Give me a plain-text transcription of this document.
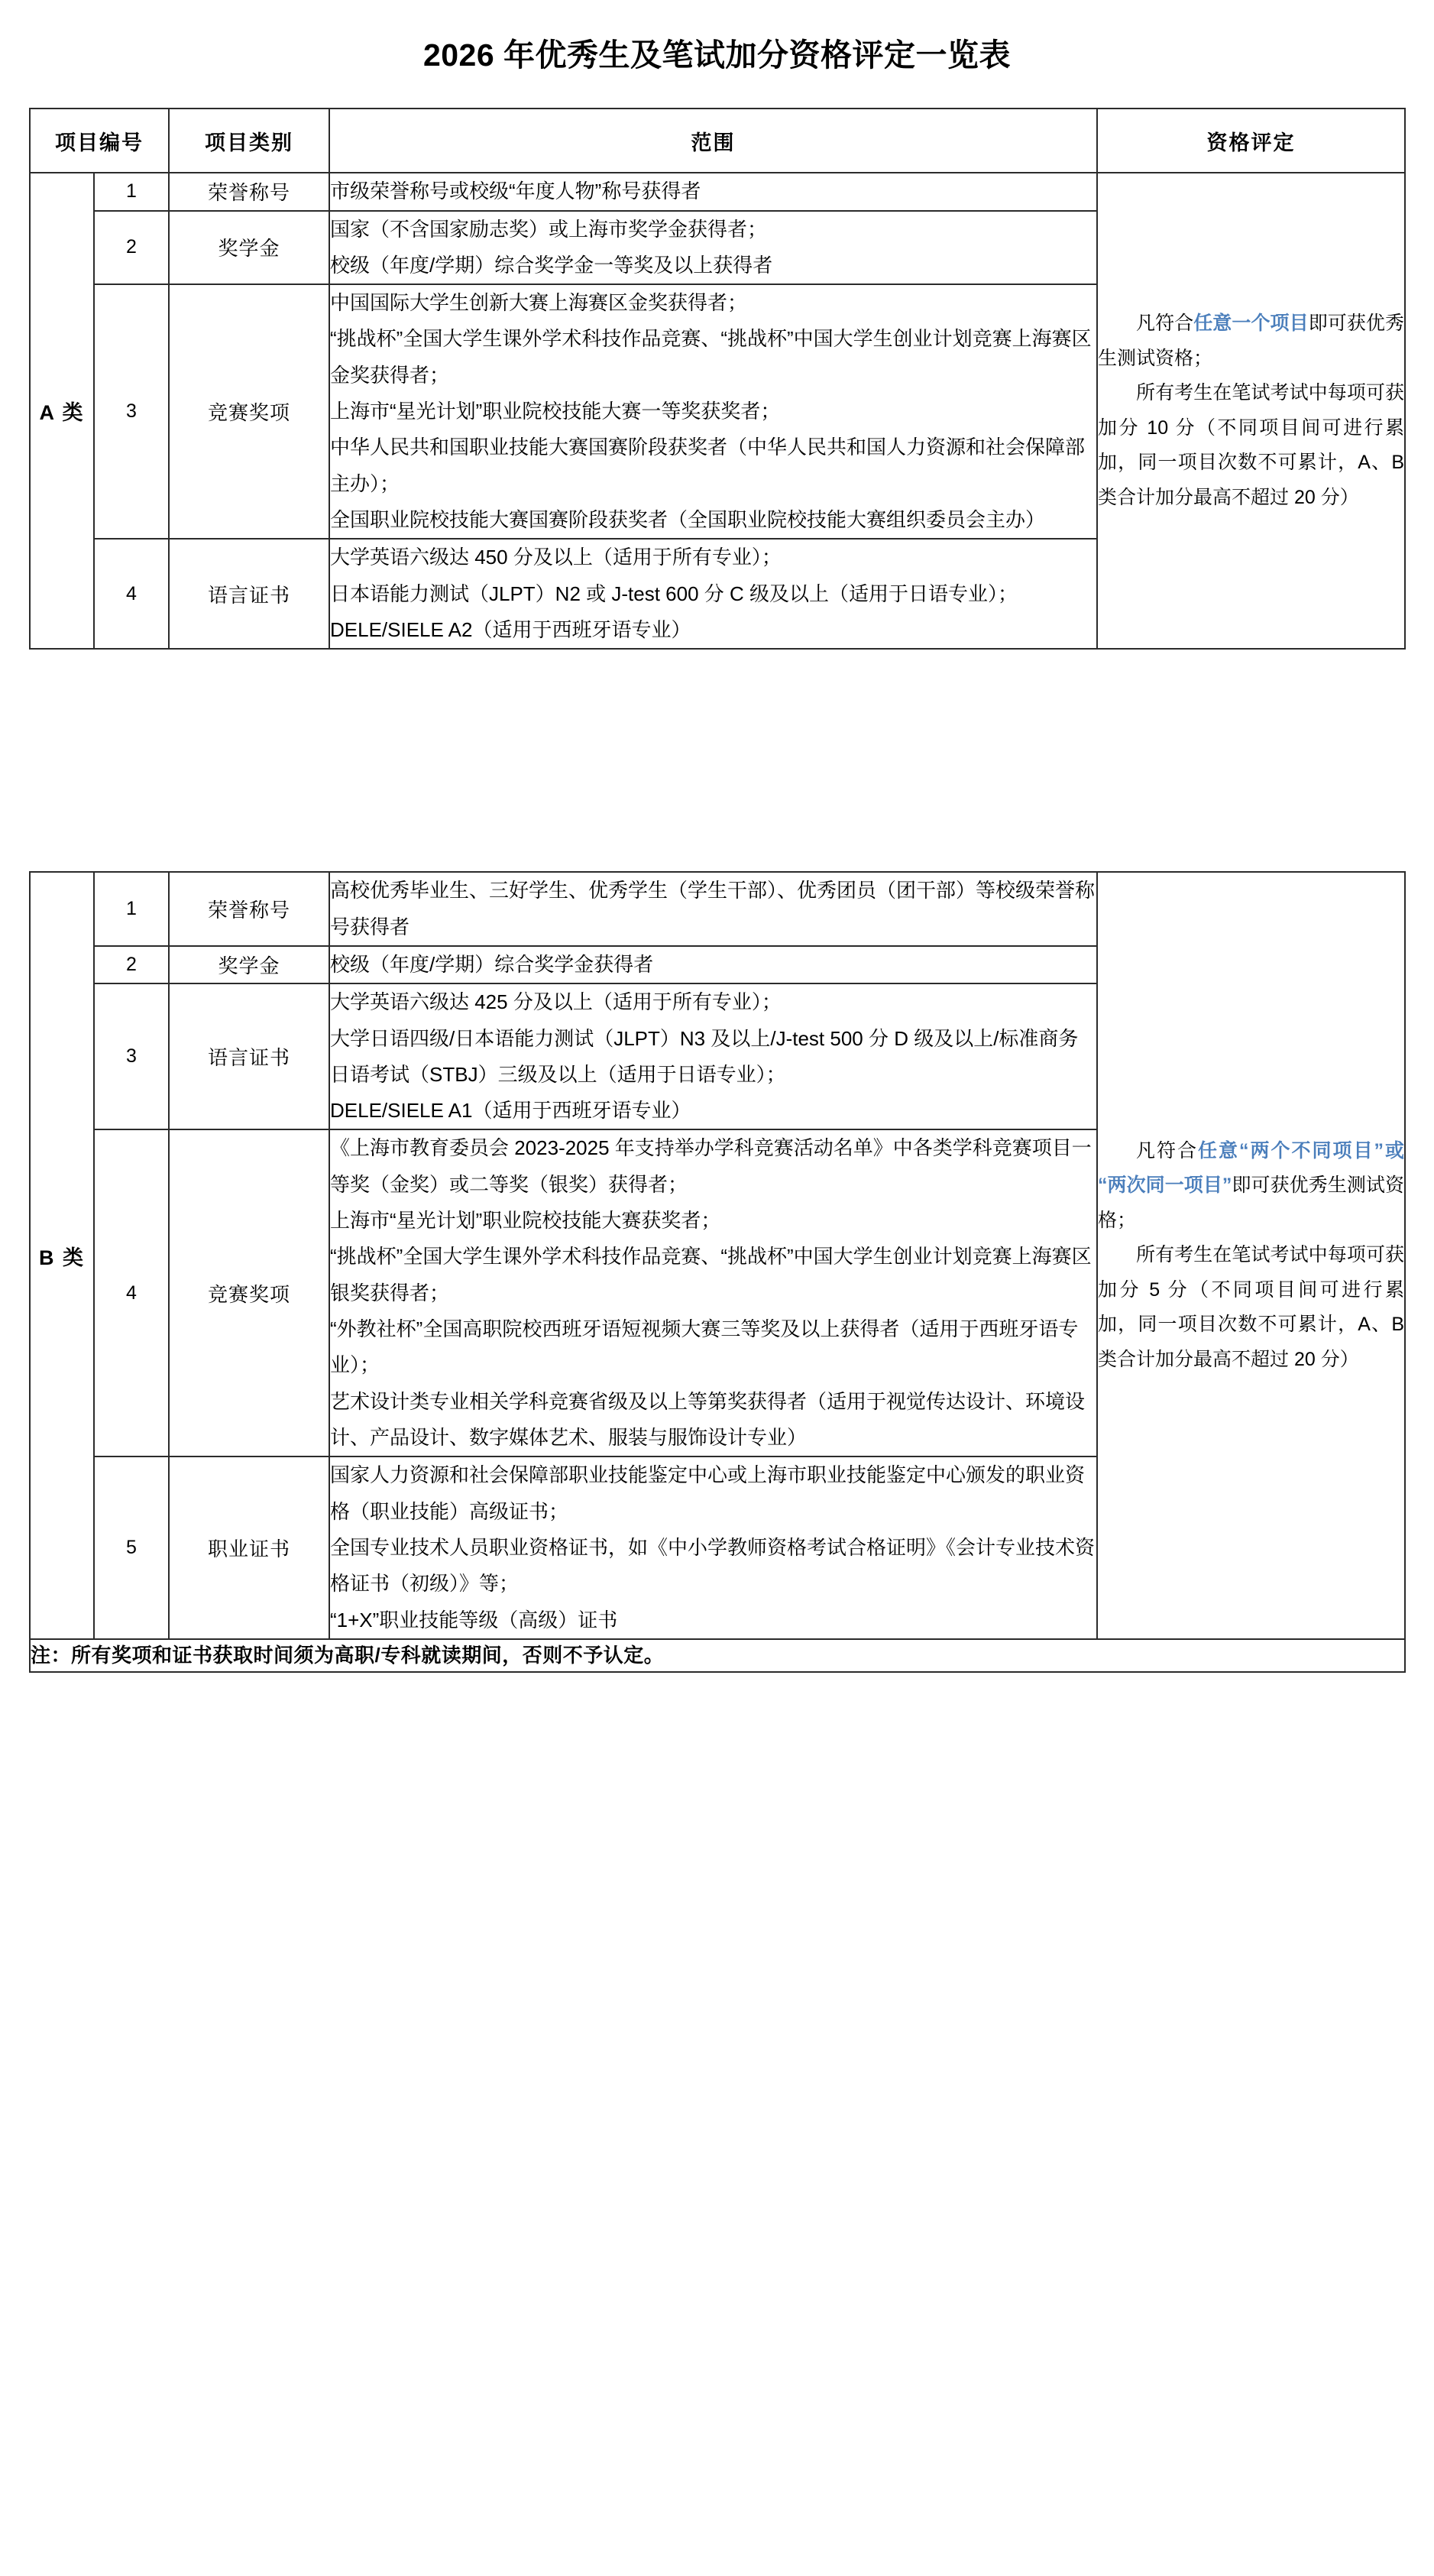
2026 年优秀生及笔试加分资格评定一览表
项目编号		项目类别	范围	资格评定
A 类	1	荣誉称号	市级荣誉称号或校级“年度人物”称号获得者	凡符合任意一个项目即可获优秀生测试资格；

所有考生在笔试考试中每项可获加分 10 分（不同项目间可进行累加，同一项目次数不可累计，A、B 类合计加分最高不超过 20 分）

	2	奖学金	国家（不含国家励志奖）或上海市奖学金获得者；

校级（年度/学期）综合奖学金一等奖及以上获得者	

	3	竞赛奖项	中国国际大学生创新大赛上海赛区金奖获得者；

“挑战杯”全国大学生课外学术科技作品竞赛、“挑战杯”中国大学生创业计划竞赛上海赛区金奖获得者；

上海市“星光计划”职业院校技能大赛一等奖获奖者；

中华人民共和国职业技能大赛国赛阶段获奖者（中华人民共和国人力资源和社会保障部主办）；

全国职业院校技能大赛国赛阶段获奖者（全国职业院校技能大赛组织委员会主办）	

	4	语言证书	大学英语六级达 450 分及以上（适用于所有专业）；

日本语能力测试（JLPT）N2 或 J-test 600 分 C 级及以上（适用于日语专业）；

DELE/SIELE A2（适用于西班牙语专业）	

B 类	1	荣誉称号	高校优秀毕业生、三好学生、优秀学生（学生干部）、优秀团员（团干部）等校级荣誉称号获得者	凡符合任意“两个不同项目”或“两次同一项目”即可获优秀生测试资格；

所有考生在笔试考试中每项可获加分 5 分（不同项目间可进行累加，同一项目次数不可累计，A、B 类合计加分最高不超过 20 分）

	2	奖学金	校级（年度/学期）综合奖学金获得者	

	3	语言证书	大学英语六级达 425 分及以上（适用于所有专业）；

大学日语四级/日本语能力测试（JLPT）N3 及以上/J-test 500 分 D 级及以上/标准商务日语考试（STBJ）三级及以上（适用于日语专业）；

DELE/SIELE A1（适用于西班牙语专业）	

	4	竞赛奖项	《上海市教育委员会 2023-2025 年支持举办学科竞赛活动名单》中各类学科竞赛项目一等奖（金奖）或二等奖（银奖）获得者；

上海市“星光计划”职业院校技能大赛获奖者；

“挑战杯”全国大学生课外学术科技作品竞赛、“挑战杯”中国大学生创业计划竞赛上海赛区银奖获得者；

“外教社杯”全国高职院校西班牙语短视频大赛三等奖及以上获得者（适用于西班牙语专业）；

艺术设计类专业相关学科竞赛省级及以上等第奖获得者（适用于视觉传达设计、环境设计、产品设计、数字媒体艺术、服装与服饰设计专业）	

	5	职业证书	国家人力资源和社会保障部职业技能鉴定中心或上海市职业技能鉴定中心颁发的职业资格（职业技能）高级证书；

全国专业技术人员职业资格证书，如《中小学教师资格考试合格证明》《会计专业技术资格证书（初级）》等；

“1+X”职业技能等级（高级）证书	

注：所有奖项和证书获取时间须为高职/专科就读期间，否则不予认定。				
